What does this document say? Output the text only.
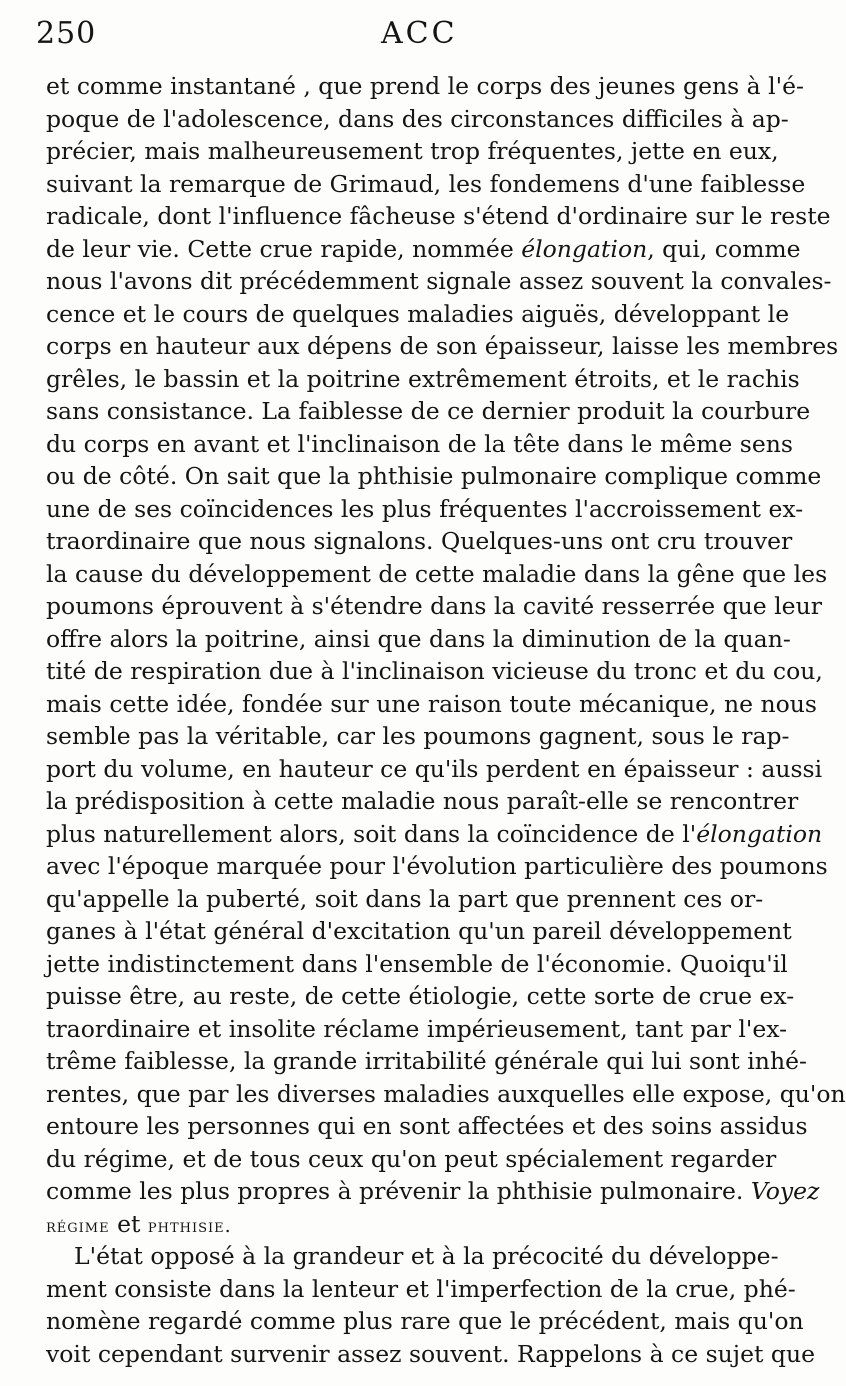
250	ACC
et comme instantané , que prend le corps des jeunes gens à l'é-
poque de l'adolescence, dans des circonstances difficiles à ap-
précier, mais malheureusement trop fréquentes, jette en eux,
suivant la remarque de Grimaud, les fondemens d'une faiblesse
radicale, dont l'influence fâcheuse s'étend d'ordinaire sur le reste
de leur vie. Cette crue rapide, nommée élongation, qui, comme
nous l'avons dit précédemment signale assez souvent la convales-
cence et le cours de quelques maladies aiguës, développant le
corps en hauteur aux dépens de son épaisseur, laisse les membres
grêles, le bassin et la poitrine extrêmement étroits, et le rachis
sans consistance. La faiblesse de ce dernier produit la courbure
du corps en avant et l'inclinaison de la tête dans le même sens
ou de côté. On sait que la phthisie pulmonaire complique comme
une de ses coïncidences les plus fréquentes l'accroissement ex-
traordinaire que nous signalons. Quelques-uns ont cru trouver
la cause du développement de cette maladie dans la gêne que les
poumons éprouvent à s'étendre dans la cavité resserrée que leur
offre alors la poitrine, ainsi que dans la diminution de la quan-
tité de respiration due à l'inclinaison vicieuse du tronc et du cou,
mais cette idée, fondée sur une raison toute mécanique, ne nous
semble pas la véritable, car les poumons gagnent, sous le rap-
port du volume, en hauteur ce qu'ils perdent en épaisseur : aussi
la prédisposition à cette maladie nous paraît-elle se rencontrer
plus naturellement alors, soit dans la coïncidence de l'élongation
avec l'époque marquée pour l'évolution particulière des poumons
qu'appelle la puberté, soit dans la part que prennent ces or-
ganes à l'état général d'excitation qu'un pareil développement
jette indistinctement dans l'ensemble de l'économie. Quoiqu'il
puisse être, au reste, de cette étiologie, cette sorte de crue ex-
traordinaire et insolite réclame impérieusement, tant par l'ex-
trême faiblesse, la grande irritabilité générale qui lui sont inhé-
rentes, que par les diverses maladies auxquelles elle expose, qu'on
entoure les personnes qui en sont affectées et des soins assidus
du régime, et de tous ceux qu'on peut spécialement regarder
comme les plus propres à prévenir la phthisie pulmonaire. Voyez
régime et phthisie.
L'état opposé à la grandeur et à la précocité du développe-
ment consiste dans la lenteur et l'imperfection de la crue, phé-
nomène regardé comme plus rare que le précédent, mais qu'on
voit cependant survenir assez souvent. Rappelons à ce sujet que
